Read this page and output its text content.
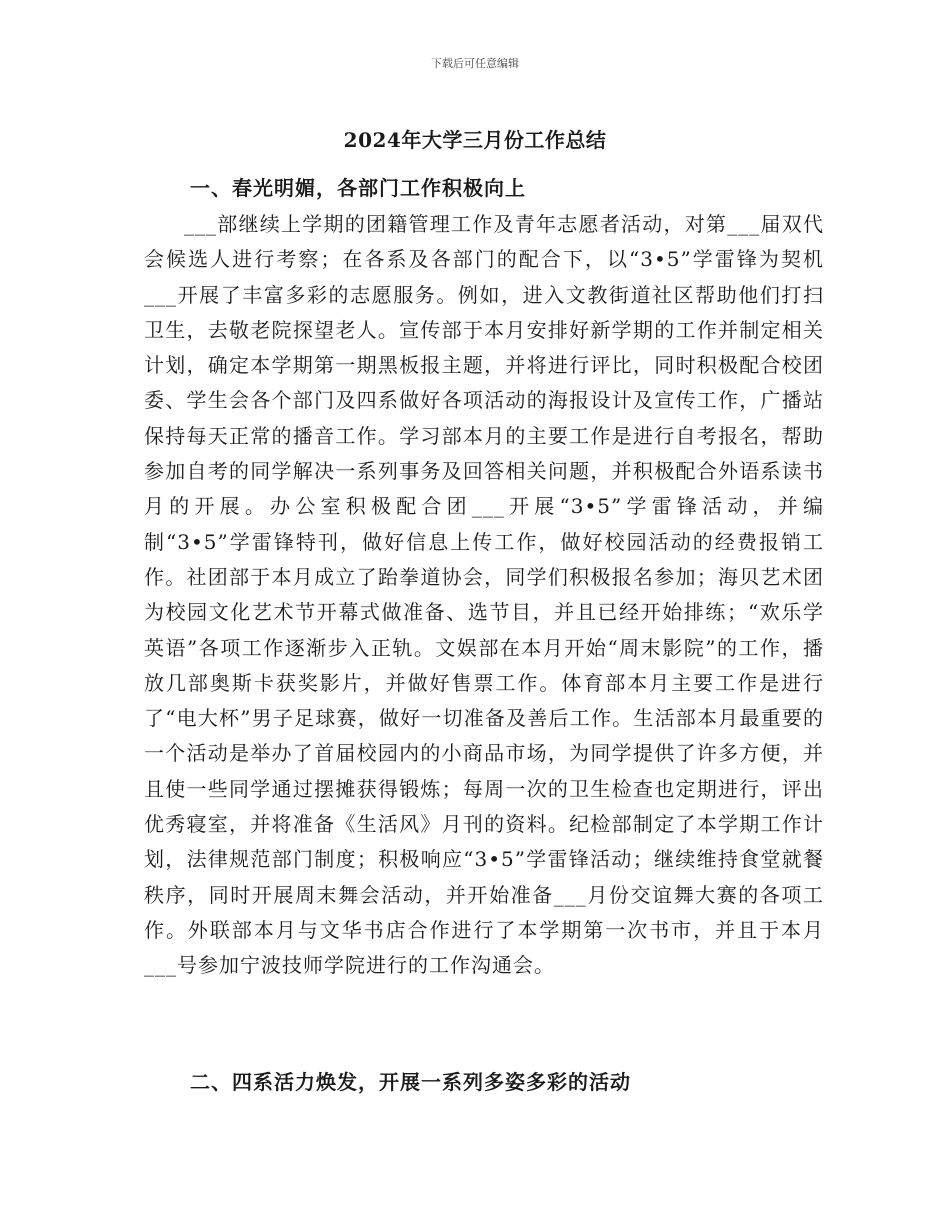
下载后可任意编辑
2024年大学三月份工作总结
一、春光明媚，各部门工作积极向上

___部继续上学期的团籍管理工作及青年志愿者活动，对第___届双代会候选人进行考察；在各系及各部门的配合下，以“3•5”学雷锋为契机___开展了丰富多彩的志愿服务。例如，进入文教街道社区帮助他们打扫卫生，去敬老院探望老人。宣传部于本月安排好新学期的工作并制定相关计划，确定本学期第一期黑板报主题，并将进行评比，同时积极配合校团委、学生会各个部门及四系做好各项活动的海报设计及宣传工作，广播站保持每天正常的播音工作。学习部本月的主要工作是进行自考报名，帮助参加自考的同学解决一系列事务及回答相关问题，并积极配合外语系读书月的开展。办公室积极配合团___开展“3•5”学雷锋活动，并编制“3•5”学雷锋特刊，做好信息上传工作，做好校园活动的经费报销工作。社团部于本月成立了跆拳道协会，同学们积极报名参加；海贝艺术团为校园文化艺术节开幕式做准备、选节目，并且已经开始排练；“欢乐学英语”各项工作逐渐步入正轨。文娱部在本月开始“周末影院”的工作，播放几部奥斯卡获奖影片，并做好售票工作。体育部本月主要工作是进行了“电大杯”男子足球赛，做好一切准备及善后工作。生活部本月最重要的一个活动是举办了首届校园内的小商品市场，为同学提供了许多方便，并且使一些同学通过摆摊获得锻炼；每周一次的卫生检查也定期进行，评出优秀寝室，并将准备《生活风》月刊的资料。纪检部制定了本学期工作计划，法律规范部门制度；积极响应“3•5”学雷锋活动；继续维持食堂就餐秩序，同时开展周末舞会活动，并开始准备___月份交谊舞大赛的各项工作。外联部本月与文华书店合作进行了本学期第一次书市，并且于本月___号参加宁波技师学院进行的工作沟通会。

二、四系活力焕发，开展一系列多姿多彩的活动
